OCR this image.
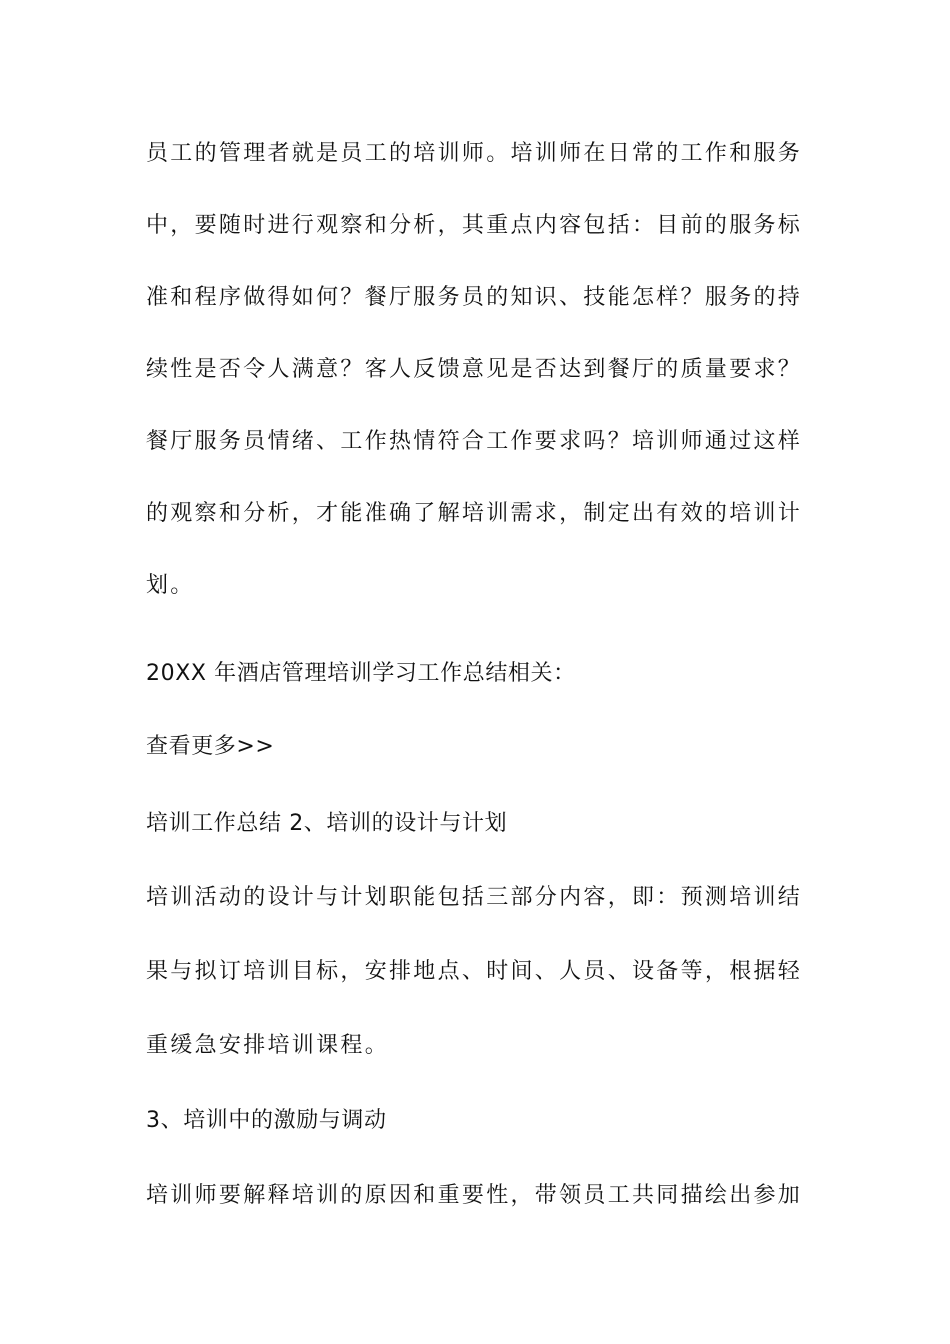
员工的管理者就是员工的培训师。培训师在日常的工作和服务
中，要随时进行观察和分析，其重点内容包括：目前的服务标
准和程序做得如何？餐厅服务员的知识、技能怎样？服务的持
续性是否令人满意？客人反馈意见是否达到餐厅的质量要求？
餐厅服务员情绪、工作热情符合工作要求吗？培训师通过这样
的观察和分析，才能准确了解培训需求，制定出有效的培训计
划。
20XX 年酒店管理培训学习工作总结相关：
查看更多>>
培训工作总结 2、培训的设计与计划
培训活动的设计与计划职能包括三部分内容，即：预测培训结
果与拟订培训目标，安排地点、时间、人员、设备等，根据轻
重缓急安排培训课程。
3、培训中的激励与调动
培训师要解释培训的原因和重要性，带领员工共同描绘出参加
